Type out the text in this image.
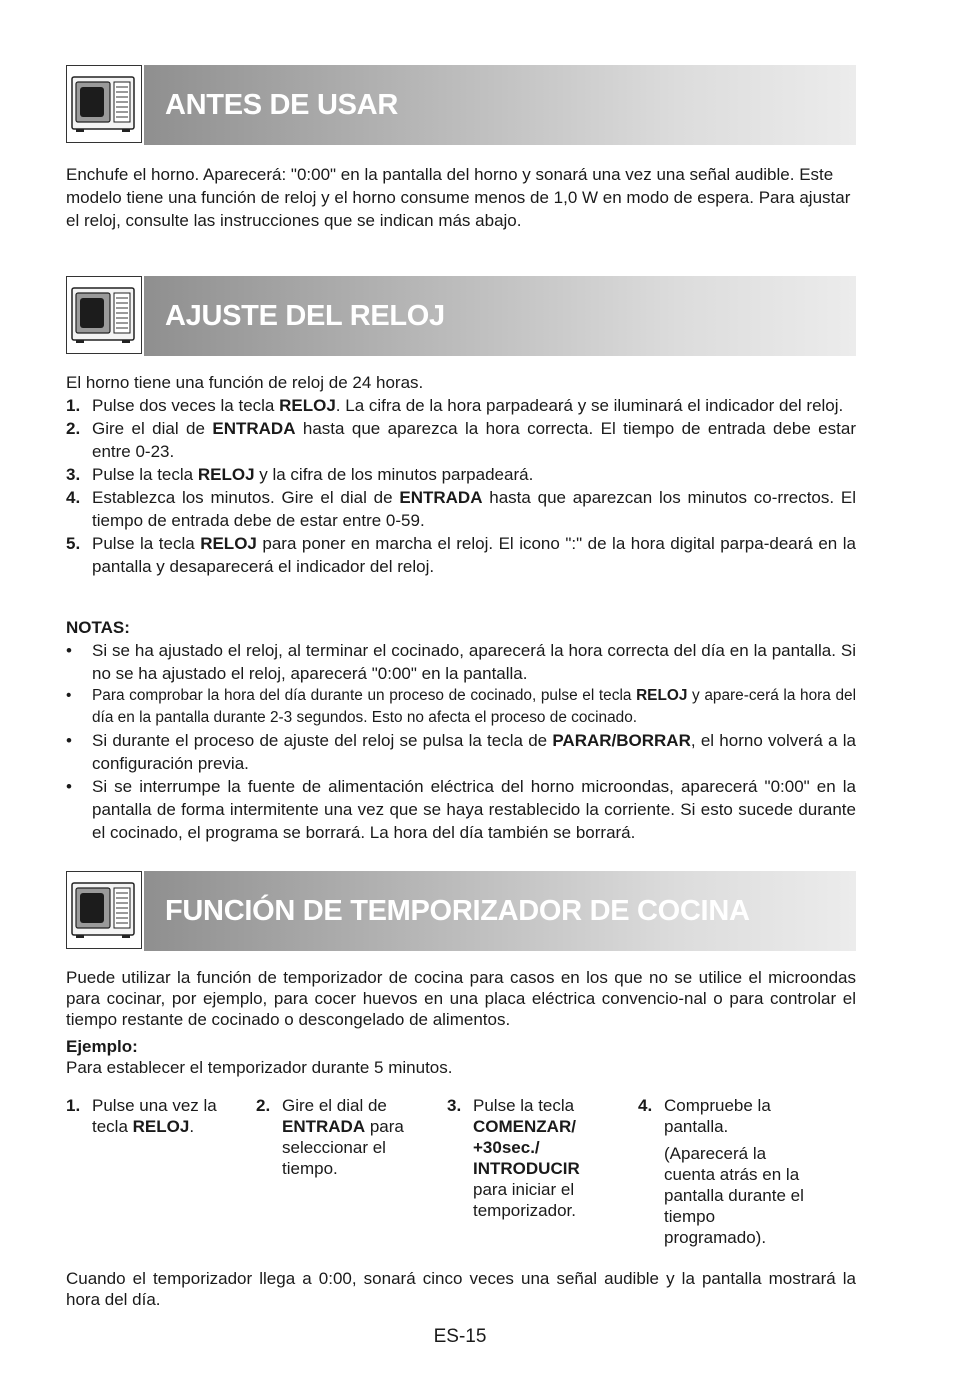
ANTES DE USAR

Enchufe el horno. Aparecerá: "0:00" en la pantalla del horno y sonará una vez una señal audible. Este modelo tiene una función de reloj y el horno consume menos de 1,0 W en modo de espera. Para ajustar el reloj, consulte las instrucciones que se indican más abajo.

AJUSTE DEL RELOJ

El horno tiene una función de reloj de 24 horas.

1. Pulse dos veces la tecla RELOJ. La cifra de la hora parpadeará y se iluminará el indicador del reloj.
2. Gire el dial de ENTRADA hasta que aparezca la hora correcta. El tiempo de entrada debe estar entre 0-23.
3. Pulse la tecla RELOJ y la cifra de los minutos parpadeará.
4. Establezca los minutos. Gire el dial de ENTRADA hasta que aparezcan los minutos co-rrectos. El tiempo de entrada debe de estar entre 0-59.
5. Pulse la tecla RELOJ para poner en marcha el reloj. El icono ":" de la hora digital parpa-deará en la pantalla y desaparecerá el indicador del reloj.
NOTAS:
• Si se ha ajustado el reloj, al terminar el cocinado, aparecerá la hora correcta del día en la pantalla. Si no se ha ajustado el reloj, aparecerá "0:00" en la pantalla.
• Para comprobar la hora del día durante un proceso de cocinado, pulse el tecla RELOJ y apare-cerá la hora del día en la pantalla durante 2-3 segundos. Esto no afecta el proceso de cocinado.
• Si durante el proceso de ajuste del reloj se pulsa la tecla de PARAR/BORRAR, el horno volverá a la configuración previa.
• Si se interrumpe la fuente de alimentación eléctrica del horno microondas, aparecerá "0:00" en la pantalla de forma intermitente una vez que se haya restablecido la corriente. Si esto sucede durante el cocinado, el programa se borrará. La hora del día también se borrará.
FUNCIÓN DE TEMPORIZADOR DE COCINA

Puede utilizar la función de temporizador de cocina para casos en los que no se utilice el microondas para cocinar, por ejemplo, para cocer huevos en una placa eléctrica convencio-nal o para controlar el tiempo restante de cocinado o descongelado de alimentos.

Ejemplo:

Para establecer el temporizador durante 5 minutos.

1. Pulse una vez la tecla RELOJ.
2. Gire el dial de ENTRADA para seleccionar el tiempo.
3. Pulse la tecla COMENZAR/ +30sec./ INTRODUCIR para iniciar el temporizador.
4. Compruebe la pantalla.
(Aparecerá la cuenta atrás en la pantalla durante el tiempo programado).

Cuando el temporizador llega a 0:00, sonará cinco veces una señal audible y la pantalla mostrará la hora del día.

ES-15
